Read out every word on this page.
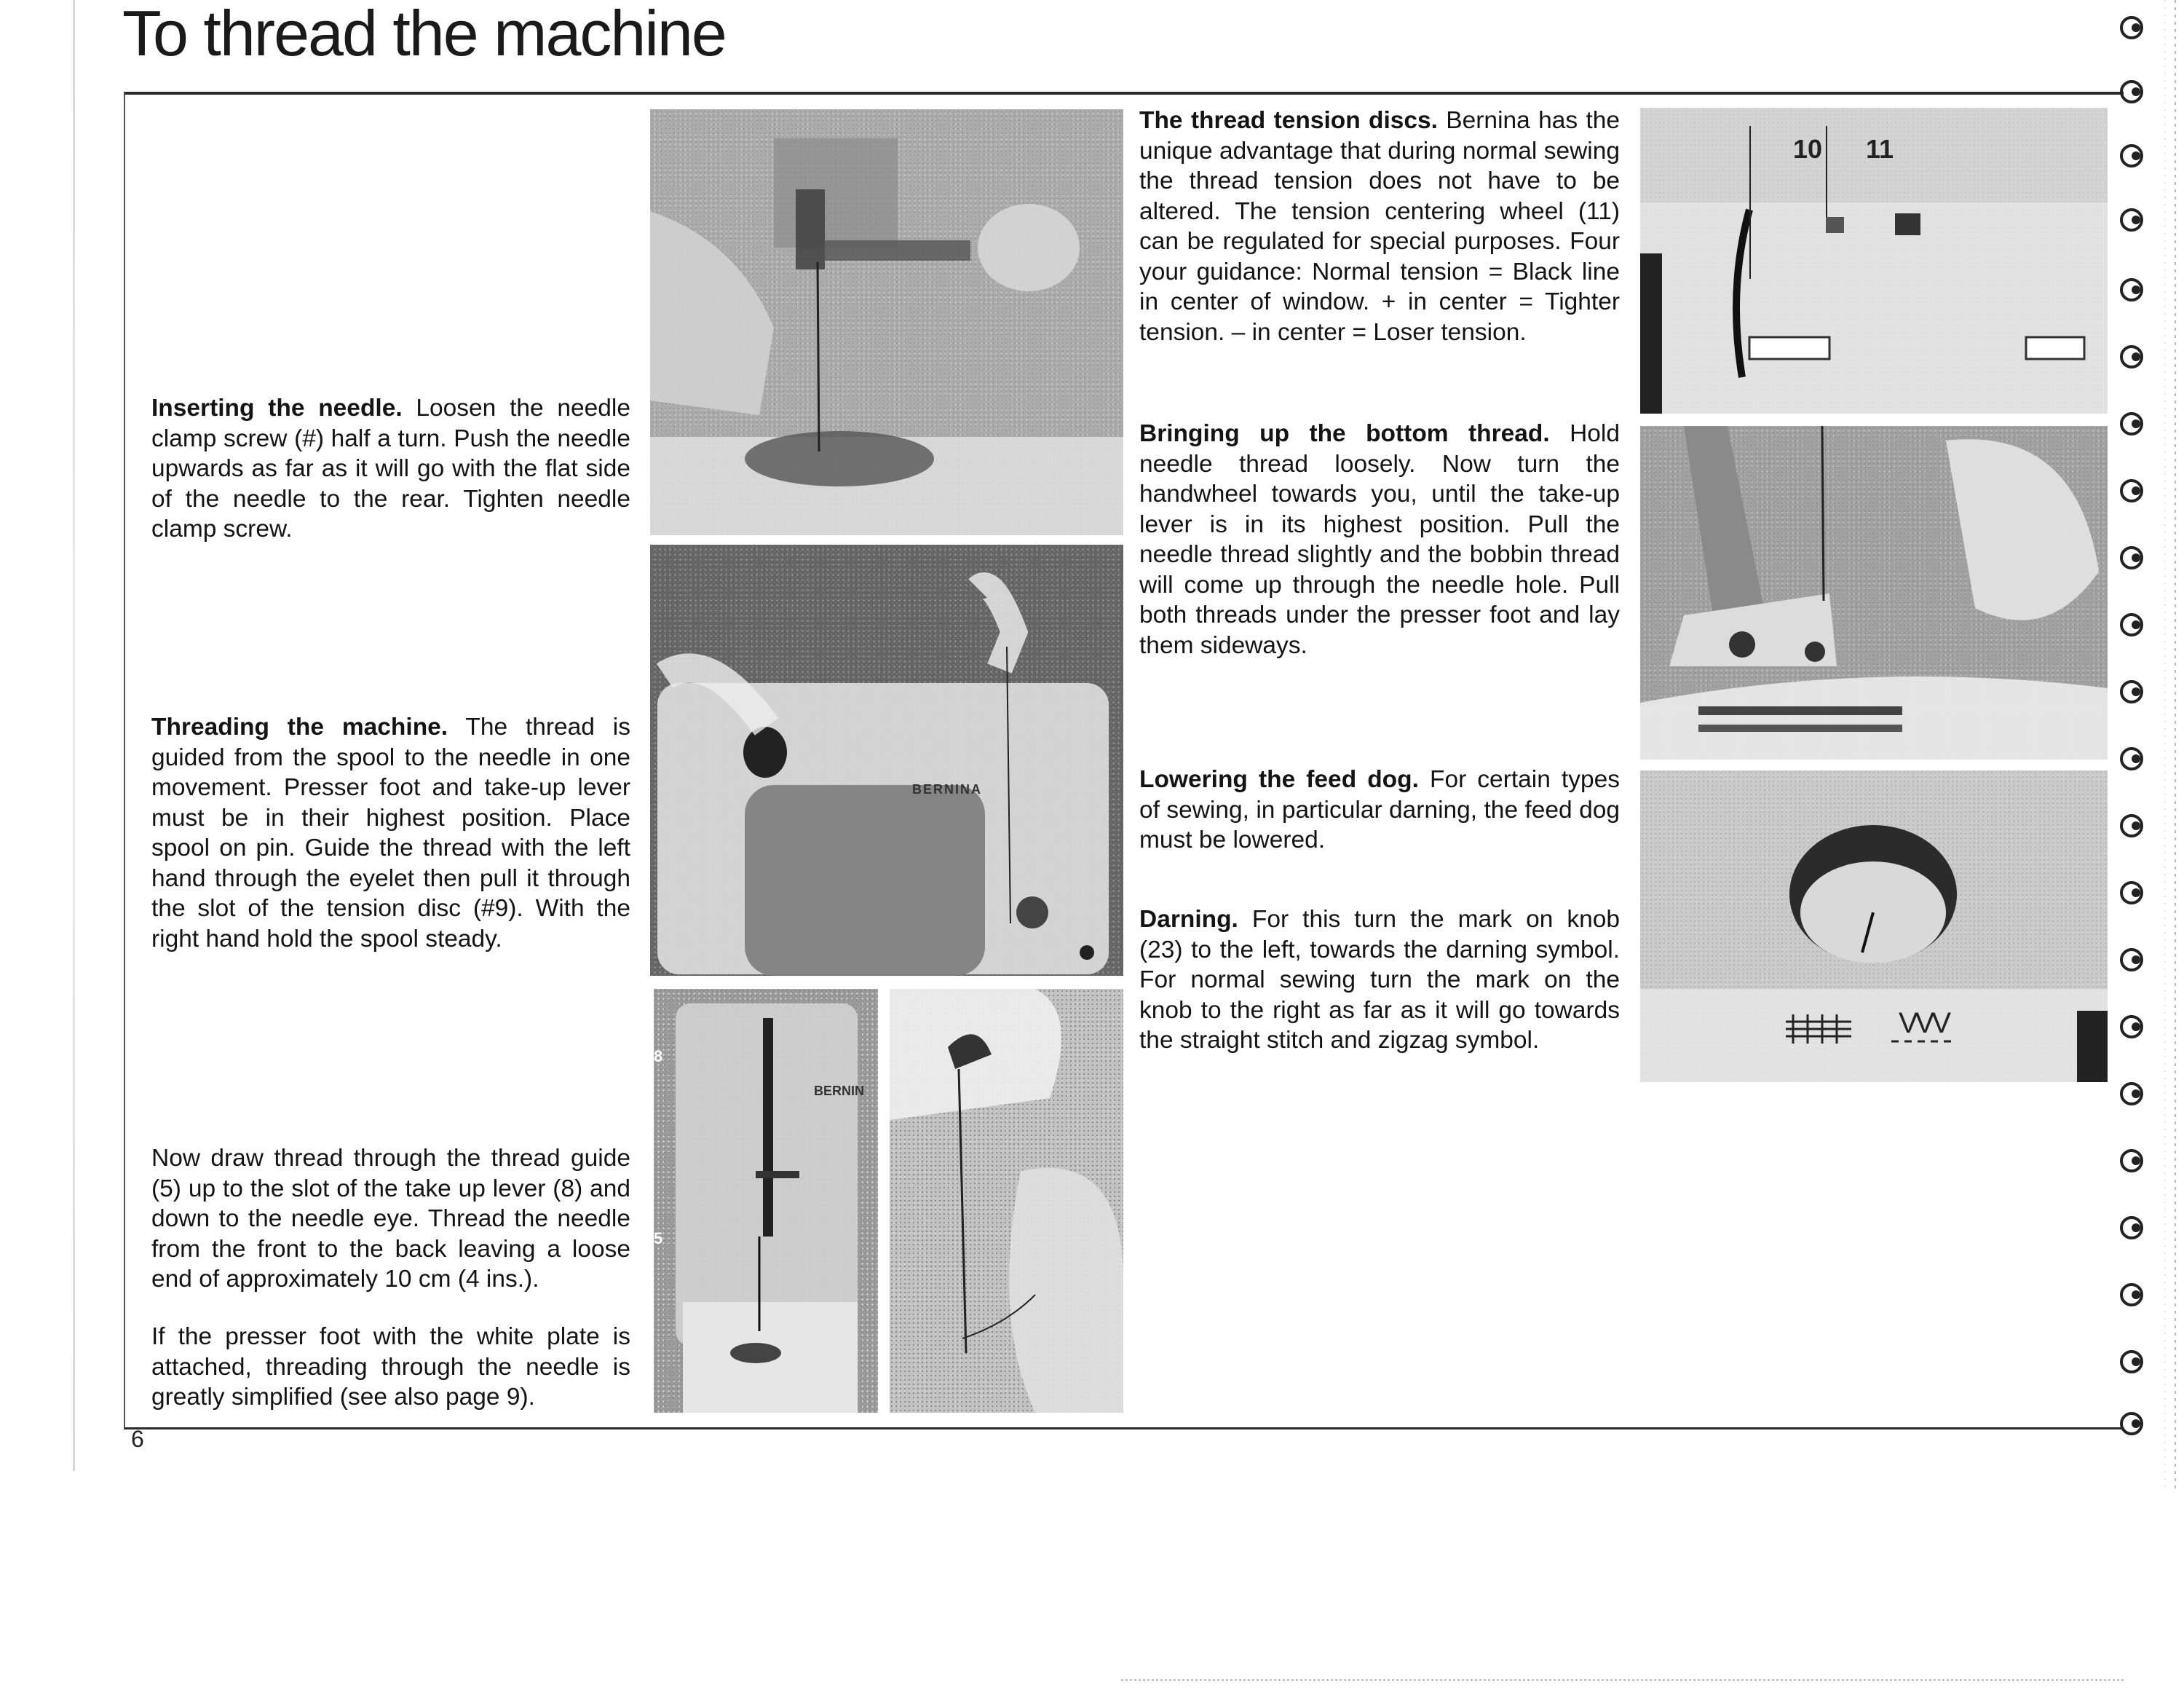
To thread the machine

Inserting the needle. Loosen the needle clamp screw (#) half a turn. Push the needle upwards as far as it will go with the flat side of the needle to the rear. Tighten needle clamp screw.

Threading the machine. The thread is guided from the spool to the needle in one movement. Presser foot and take-up lever must be in their highest position. Place spool on pin. Guide the thread with the left hand through the eyelet then pull it through the slot of the tension disc (#9). With the right hand hold the spool steady.

Now draw thread through the thread guide (5) up to the slot of the take up lever (8) and down to the needle eye. Thread the needle from the front to the back leaving a loose end of approximately 10 cm (4 ins.).

If the presser foot with the white plate is attached, threading through the needle is greatly simplified (see also page 9).

BERNINA
BERNIN
8
5

The thread tension discs. Bernina has the unique advantage that during normal sewing the thread tension does not have to be altered. The tension centering wheel (11) can be regulated for special purposes. Four your guidance: Normal tension = Black line in center of window. + in center = Tighter tension. – in center = Loser tension.

Bringing up the bottom thread. Hold needle thread loosely. Now turn the handwheel towards you, until the take-up lever is in its highest position. Pull the needle thread slightly and the bobbin thread will come up through the needle hole. Pull both threads under the presser foot and lay them sideways.

Lowering the feed dog. For certain types of sewing, in particular darning, the feed dog must be lowered.

Darning. For this turn the mark on knob (23) to the left, towards the darning symbol. For normal sewing turn the mark on the knob to the right as far as it will go towards the straight stitch and zigzag symbol.

10 11
VVV
6
